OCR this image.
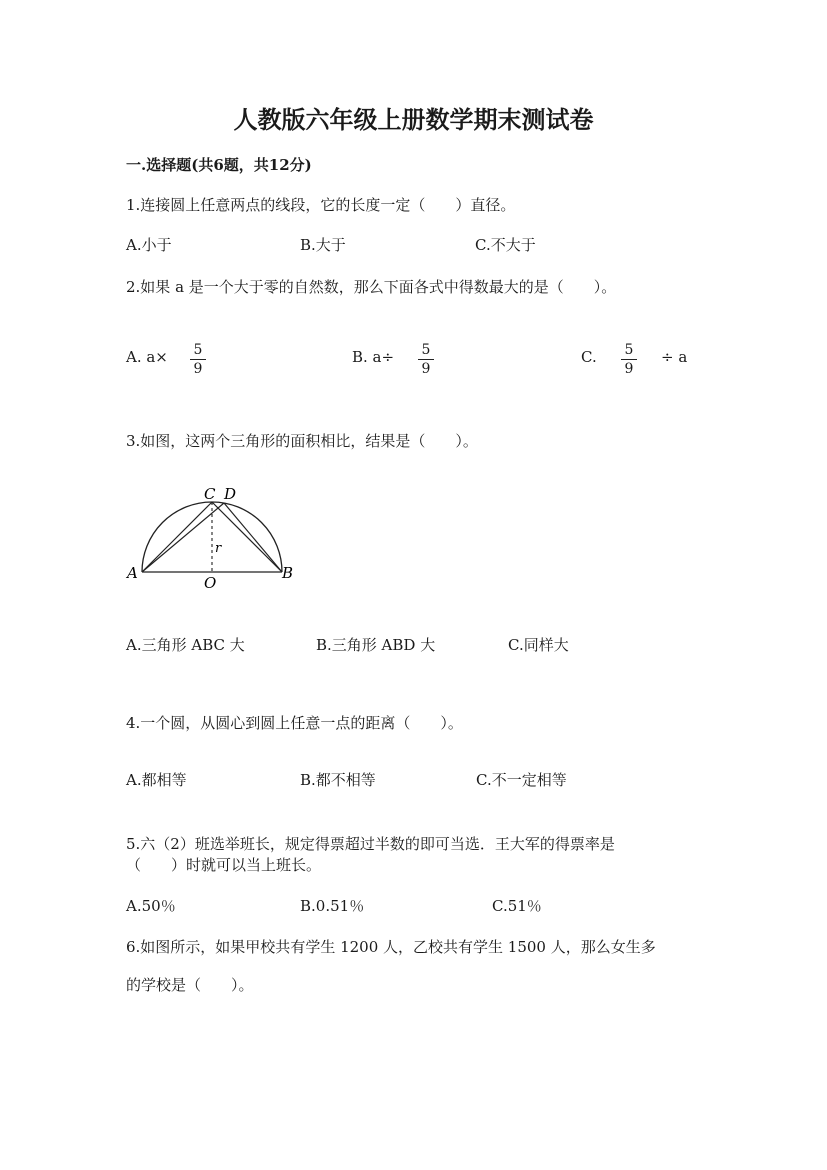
人教版六年级上册数学期末测试卷
一.选择题(共6题，共12分)
1.连接圆上任意两点的线段，它的长度一定（　　）直径。
A.小于	B.大于	C.不大于
2.如果 a 是一个大于零的自然数，那么下面各式中得数最大的是（　　）。
A. a× 5
9
B. a÷ 5
9
C. 5
9
÷ a
3.如图，这两个三角形的面积相比，结果是（　　）。
C D
A	B
O
r
A.三角形 ABC 大	B.三角形 ABD 大	C.同样大
4.一个圆，从圆心到圆上任意一点的距离（　　）。
A.都相等	B.都不相等	C.不一定相等
5.六（2）班选举班长，规定得票超过半数的即可当选．王大军的得票率是
（　　）时就可以当上班长。
A.50％	B.0.51％	C.51％
6.如图所示，如果甲校共有学生 1200 人，乙校共有学生 1500 人，那么女生多
的学校是（　　）。
